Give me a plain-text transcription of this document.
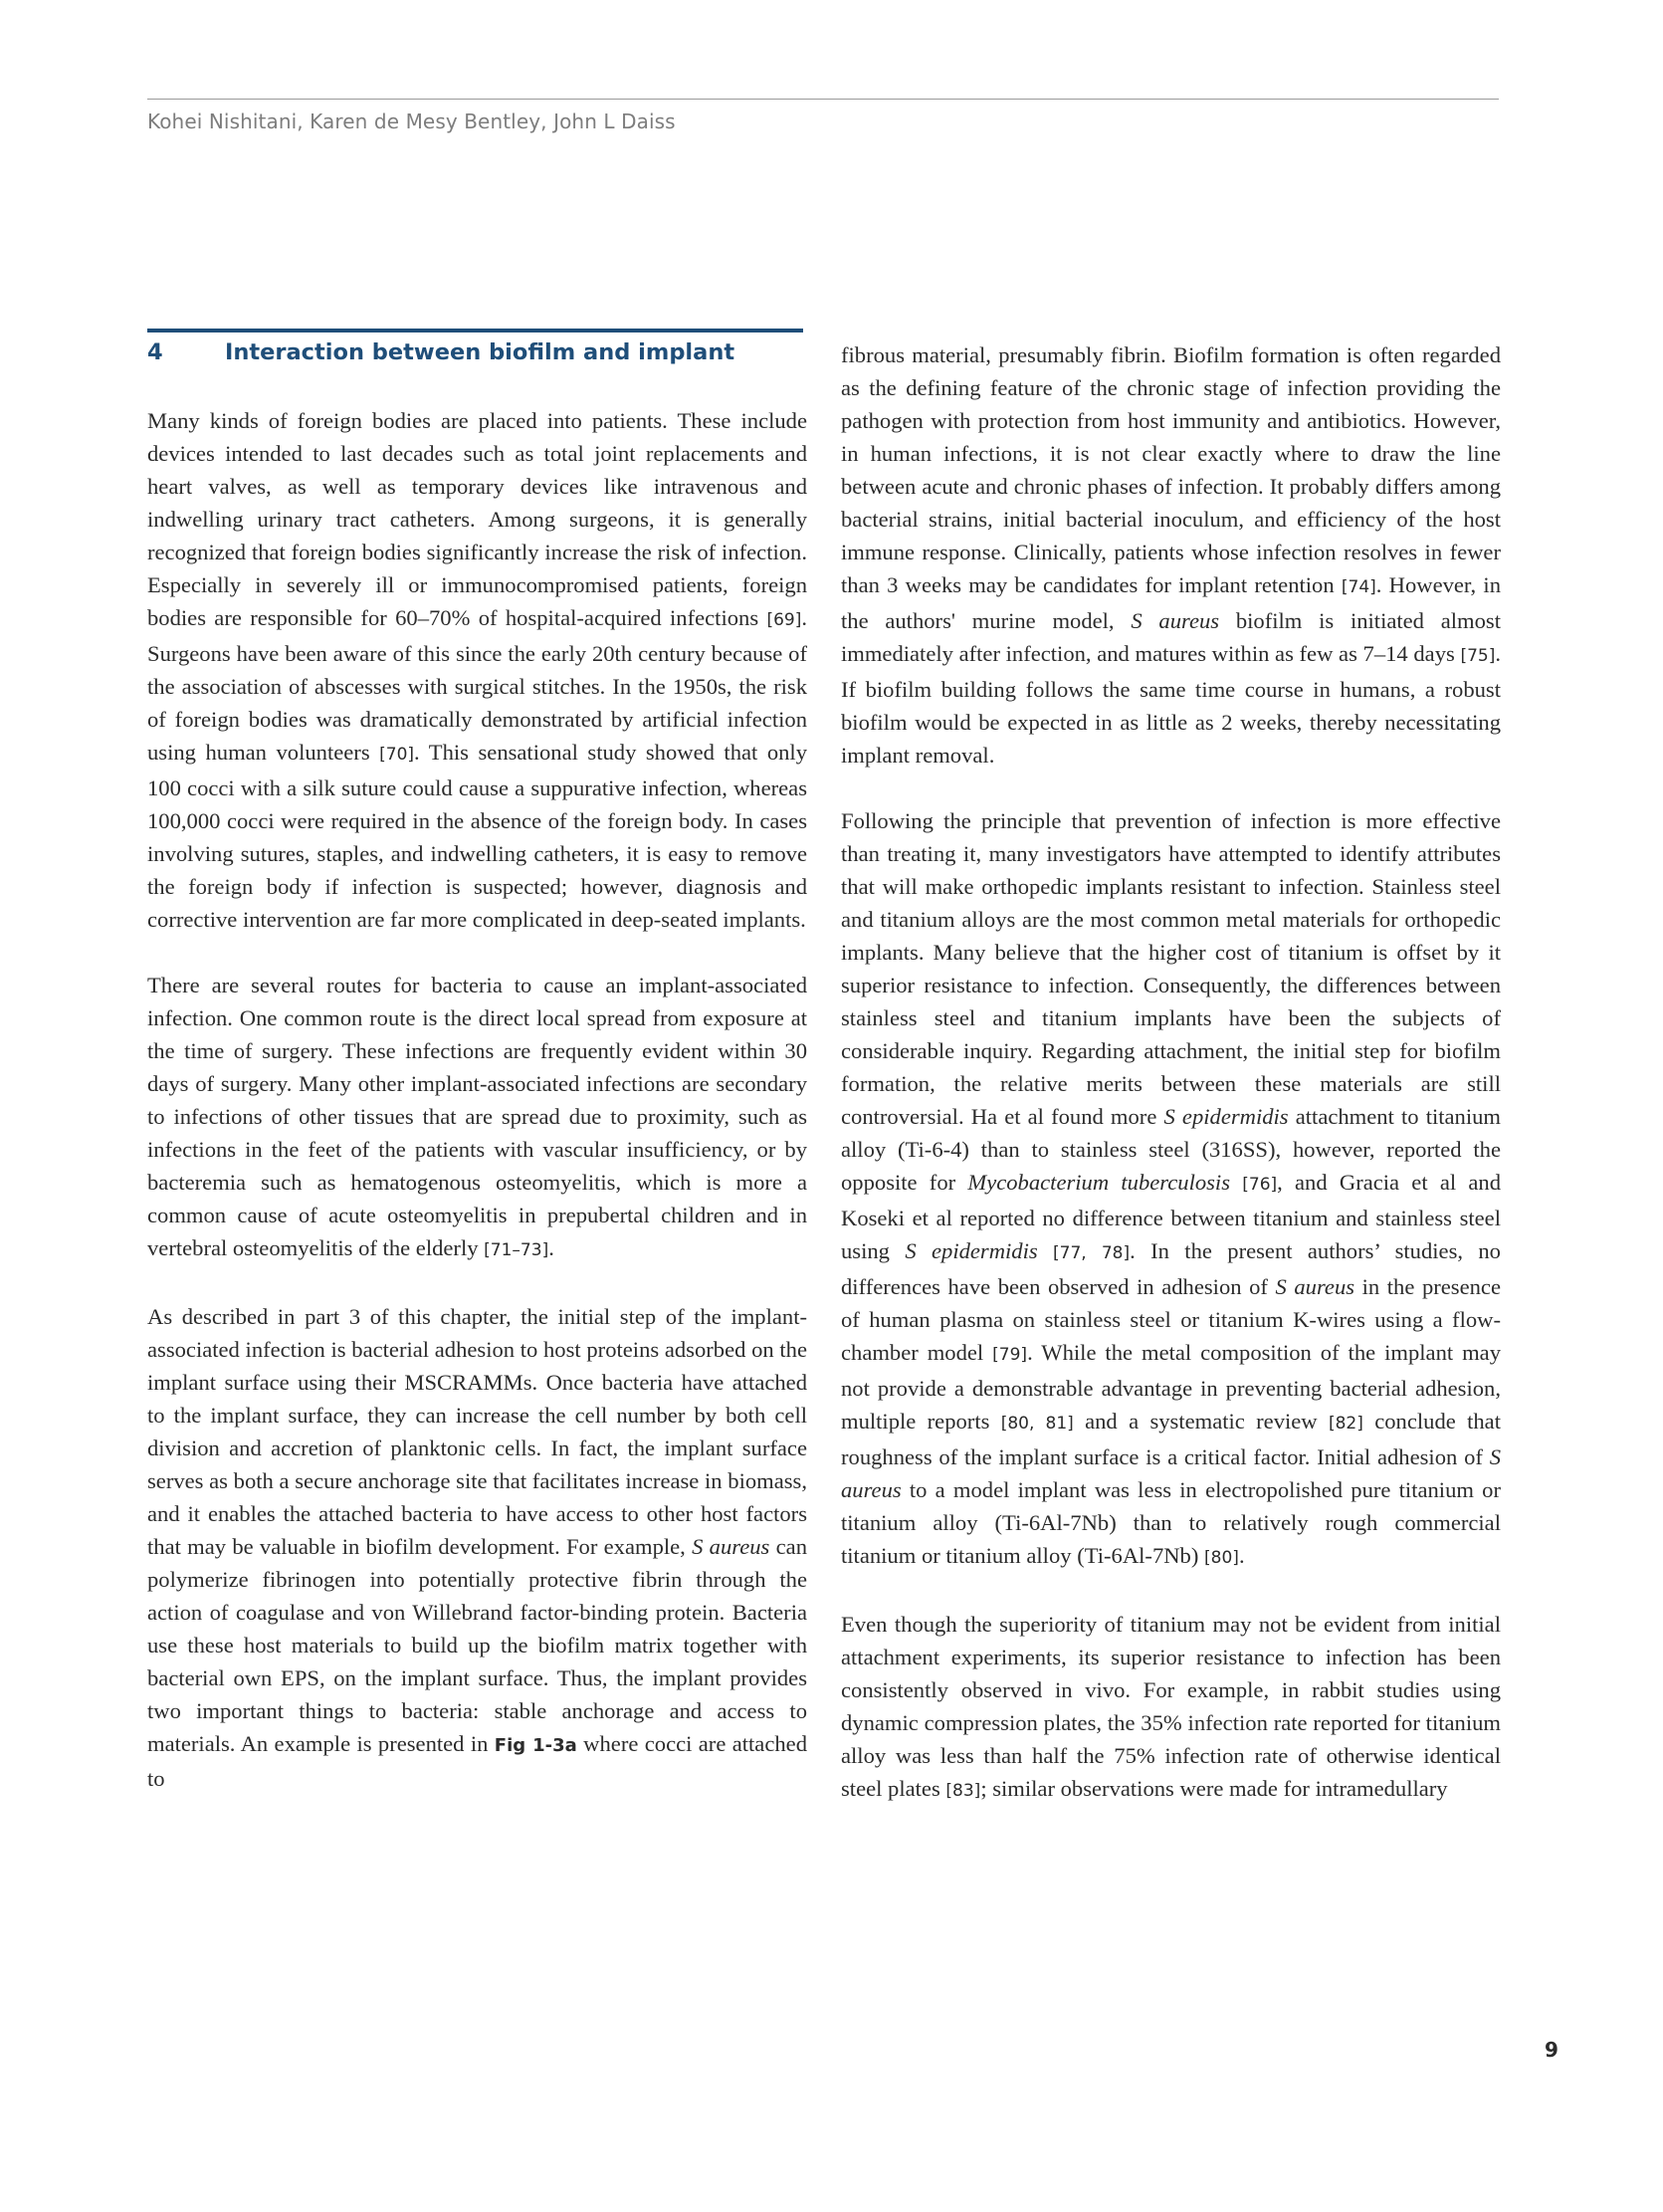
Kohei Nishitani, Karen de Mesy Bentley, John L Daiss
4	Interaction between biofilm and implant

Many kinds of foreign bodies are placed into patients. These include devices intended to last decades such as total joint replacements and heart valves, as well as temporary devices like intravenous and indwelling urinary tract catheters. Among surgeons, it is generally recognized that foreign bodies significantly increase the risk of infection. Especially in severely ill or immunocompromised patients, foreign bodies are responsible for 60–70% of hospital-acquired infections [69]. Surgeons have been aware of this since the early 20th century because of the association of abscesses with surgical stitches. In the 1950s, the risk of foreign bodies was dramatically demonstrated by artificial infection using human volunteers [70]. This sensational study showed that only 100 cocci with a silk suture could cause a suppurative infection, whereas 100,000 cocci were required in the absence of the foreign body. In cases involving sutures, staples, and indwelling catheters, it is easy to remove the foreign body if infection is suspected; however, diagnosis and corrective intervention are far more complicated in deep-seated implants.

There are several routes for bacteria to cause an implant-associated infection. One common route is the direct local spread from exposure at the time of surgery. These infections are frequently evident within 30 days of surgery. Many other implant-associated infections are secondary to infections of other tissues that are spread due to proximity, such as infections in the feet of the patients with vascular insufficiency, or by bacteremia such as hematogenous osteomyelitis, which is more a common cause of acute osteomyelitis in prepubertal children and in vertebral osteomyelitis of the elderly [71–73].

As described in part 3 of this chapter, the initial step of the implant-associated infection is bacterial adhesion to host proteins adsorbed on the implant surface using their MSCRAMMs. Once bacteria have attached to the implant surface, they can increase the cell number by both cell division and accretion of planktonic cells. In fact, the implant surface serves as both a secure anchorage site that facilitates increase in biomass, and it enables the attached bacteria to have access to other host factors that may be valuable in biofilm development. For example, S aureus can polymerize fibrinogen into potentially protective fibrin through the action of coagulase and von Willebrand factor-binding protein. Bacteria use these host materials to build up the biofilm matrix together with bacterial own EPS, on the implant surface. Thus, the implant provides two important things to bacteria: stable anchorage and access to materials. An example is presented in Fig 1-3a where cocci are attached to

fibrous material, presumably fibrin. Biofilm formation is often regarded as the defining feature of the chronic stage of infection providing the pathogen with protection from host immunity and antibiotics. However, in human infections, it is not clear exactly where to draw the line between acute and chronic phases of infection. It probably differs among bacterial strains, initial bacterial inoculum, and efficiency of the host immune response. Clinically, patients whose infection resolves in fewer than 3 weeks may be candidates for implant retention [74]. However, in the authors' murine model, S aureus biofilm is initiated almost immediately after infection, and matures within as few as 7–14 days [75]. If biofilm building follows the same time course in humans, a robust biofilm would be expected in as little as 2 weeks, thereby necessitating implant removal.

Following the principle that prevention of infection is more effective than treating it, many investigators have attempted to identify attributes that will make orthopedic implants resistant to infection. Stainless steel and titanium alloys are the most common metal materials for orthopedic implants. Many believe that the higher cost of titanium is offset by it superior resistance to infection. Consequently, the differences between stainless steel and titanium implants have been the subjects of considerable inquiry. Regarding attachment, the initial step for biofilm formation, the relative merits between these materials are still controversial. Ha et al found more S epidermidis attachment to titanium alloy (Ti-6-4) than to stainless steel (316SS), however, reported the opposite for Mycobacterium tuberculosis [76], and Gracia et al and Koseki et al reported no difference between titanium and stainless steel using S epidermidis [77, 78]. In the present authors’ studies, no differences have been observed in adhesion of S aureus in the presence of human plasma on stainless steel or titanium K-wires using a flow-chamber model [79]. While the metal composition of the implant may not provide a demonstrable advantage in preventing bacterial adhesion, multiple reports [80, 81] and a systematic review [82] conclude that roughness of the implant surface is a critical factor. Initial adhesion of S aureus to a model implant was less in electropolished pure titanium or titanium alloy (Ti-6Al-7Nb) than to relatively rough commercial titanium or titanium alloy (Ti-6Al-7Nb) [80].

Even though the superiority of titanium may not be evident from initial attachment experiments, its superior resistance to infection has been consistently observed in vivo. For example, in rabbit studies using dynamic compression plates, the 35% infection rate reported for titanium alloy was less than half the 75% infection rate of otherwise identical steel plates [83]; similar observations were made for intramedullary

9
